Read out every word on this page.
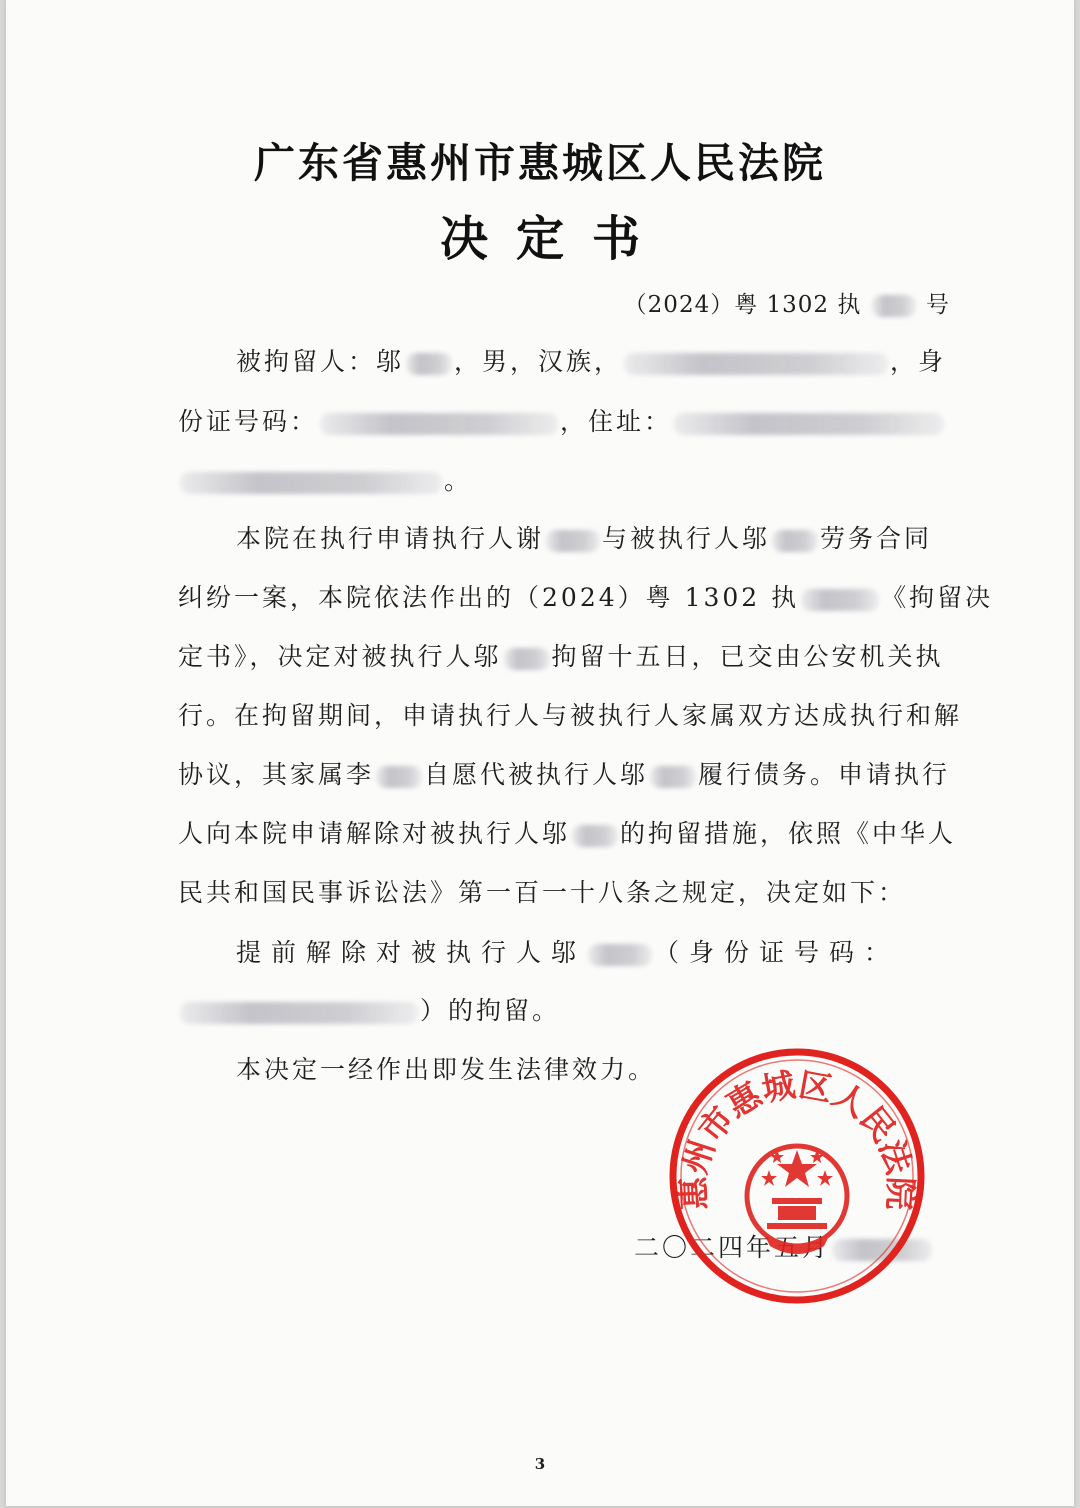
广东省惠州市惠城区人民法院
决定书
（2024）粤 1302 执	号
被拘留人：邬 ，男，汉族，	，身
份证号码：	，住址：
。
本院在执行申请执行人谢 与被执行人邬 劳务合同
纠纷一案，本院依法作出的（2024）粤 1302 执	《拘留决
定书》，决定对被执行人邬 拘留十五日，已交由公安机关执
行。在拘留期间，申请执行人与被执行人家属双方达成执行和解
协议，其家属李 自愿代被执行人邬 履行债务。申请执行
人向本院申请解除对被执行人邬 的拘留措施，依照《中华人
民共和国民事诉讼法》第一百一十八条之规定，决定如下：
提前解除对被执行人邬	（身份证号码：
）的拘留。
本决定一经作出即发生法律效力。
二〇二四年五月
惠州市惠城区人民法院
3
